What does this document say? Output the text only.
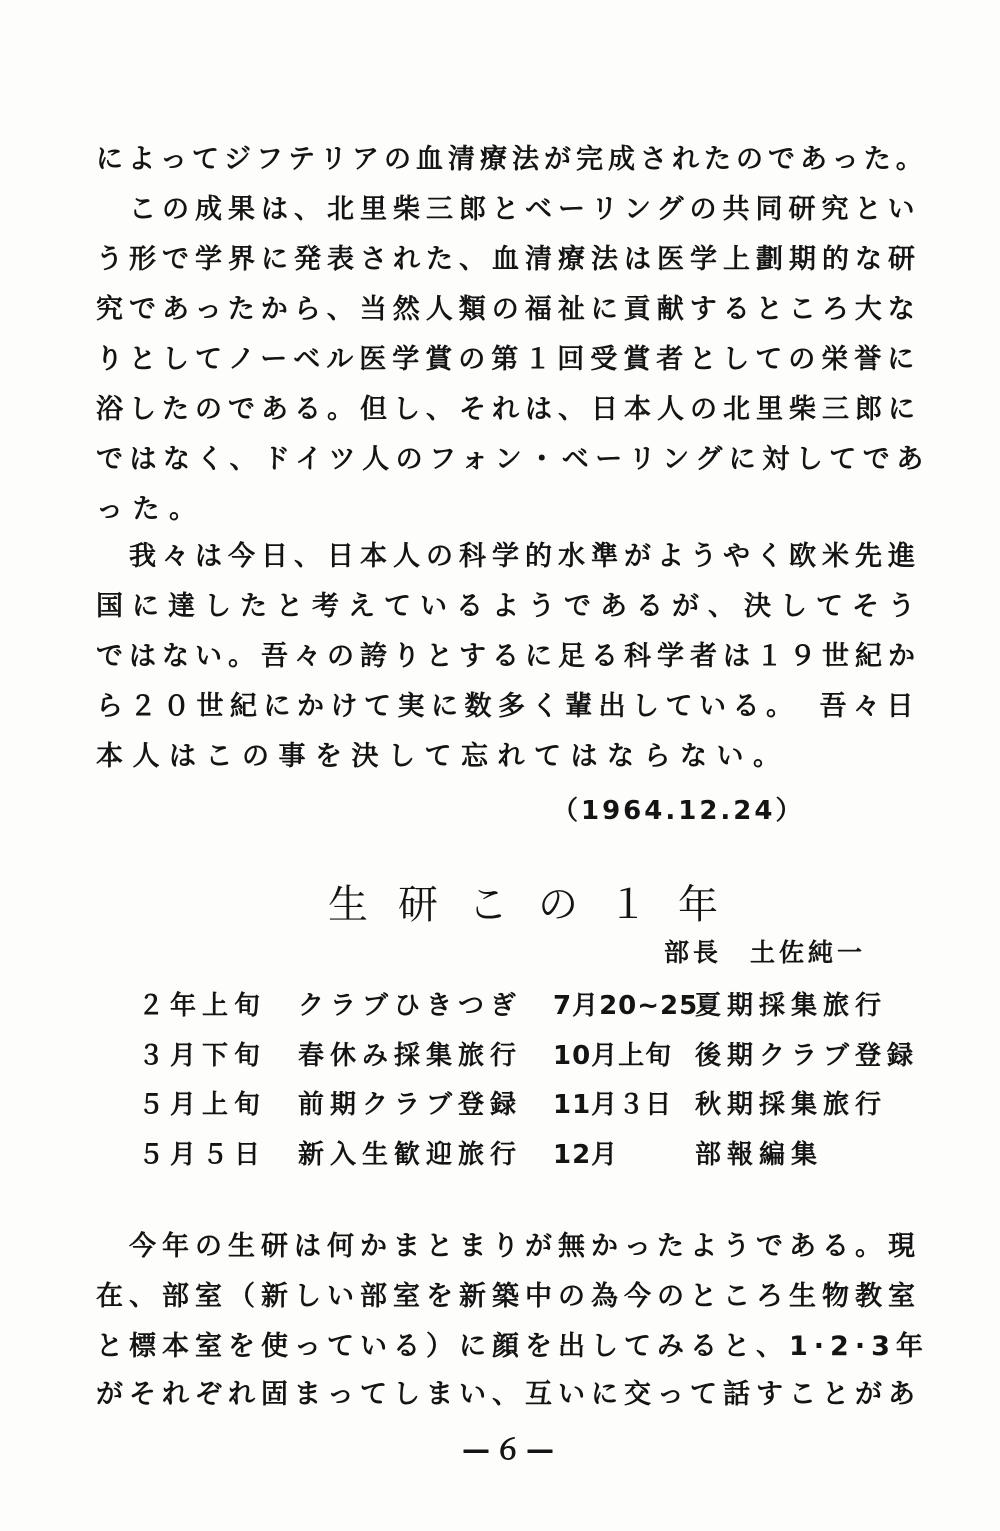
によってジフテリアの血清療法が完成されたのであった。
　この成果は、北里柴三郎とベーリングの共同研究とい
う形で学界に発表された、血清療法は医学上劃期的な研
究であったから、当然人類の福祉に貢献するところ大な
りとしてノーベル医学賞の第１回受賞者としての栄誉に
浴したのである。但し、それは、日本人の北里柴三郎に
ではなく、ドイツ人のフォン・ベーリングに対してであ
った。
　我々は今日、日本人の科学的水準がようやく欧米先進
国に達したと考えているようであるが、決してそう
ではない。吾々の誇りとするに足る科学者は１９世紀か
ら２０世紀にかけて実に数多く輩出している。　吾々日
本人はこの事を決して忘れてはならない。
（1964.12.24）
生研この１年
部長 土佐純一
２年上旬 クラブひきつぎ 7月20~25
夏期採集旅行
３月下旬 春休み採集旅行 10月上旬 後期クラブ登録
５月上旬 前期クラブ登録 11月３日 秋期採集旅行
５月５日 新入生歓迎旅行 12月	部報編集
　今年の生研は何かまとまりが無かったようである。現
在、部室（新しい部室を新築中の為今のところ生物教室
と標本室を使っている）に顔を出してみると、1·2·3年
がそれぞれ固まってしまい、互いに交って話すことがあ
—６—
